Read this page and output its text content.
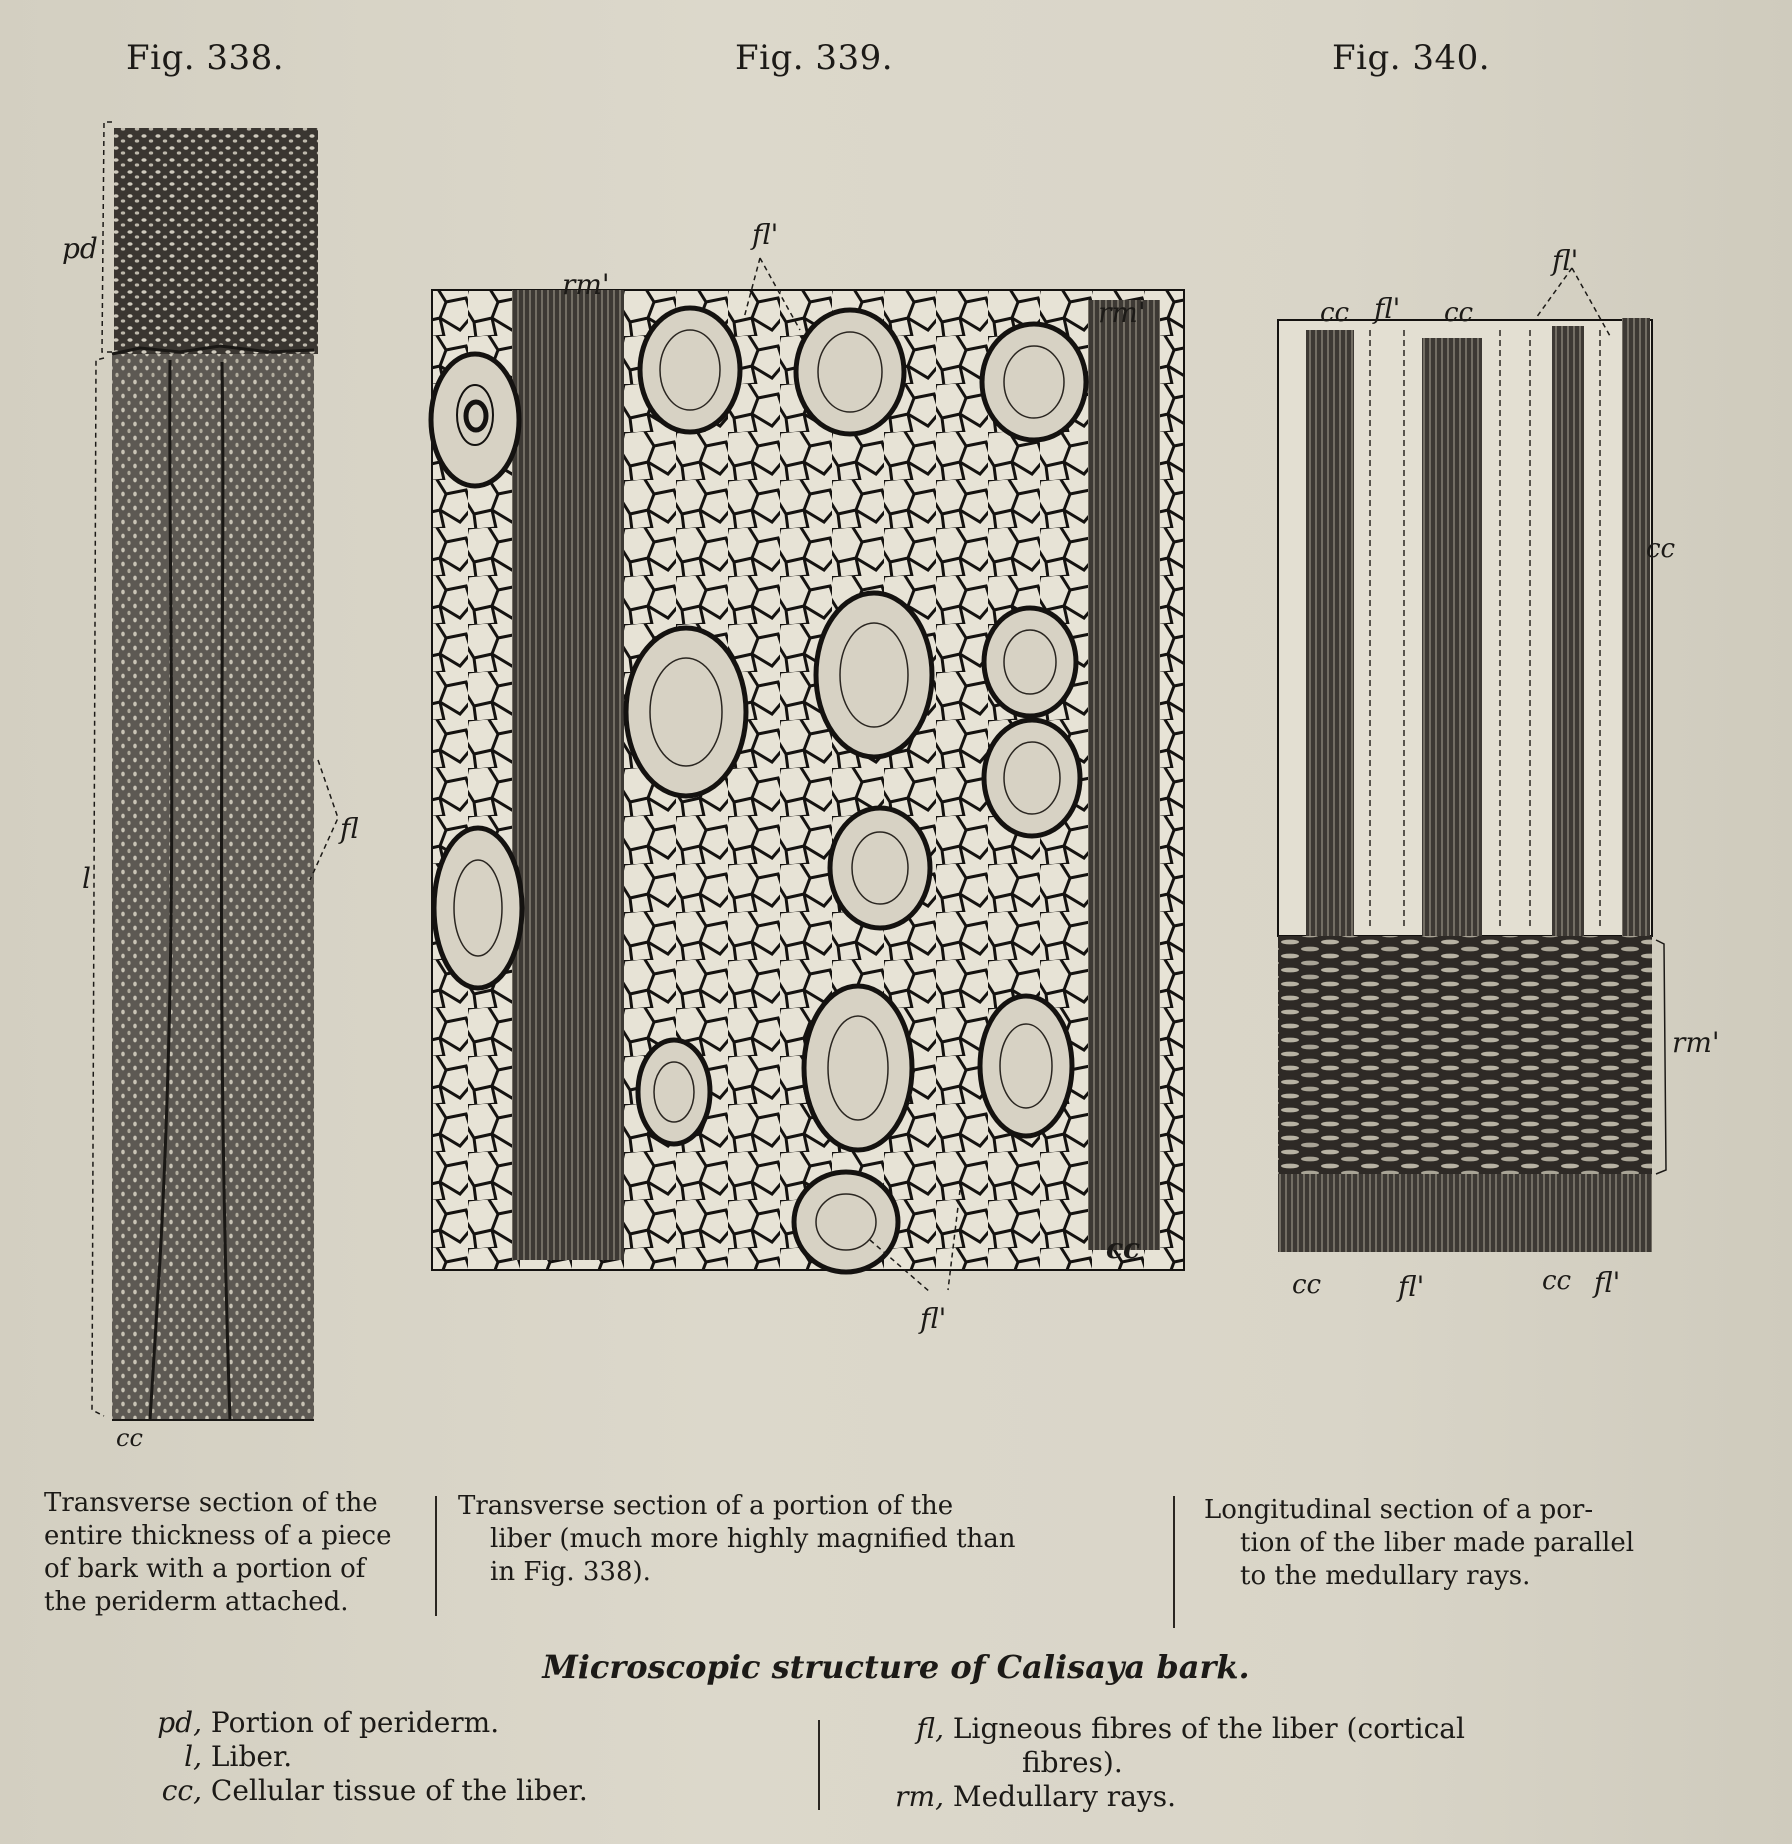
Fig. 338.	Fig. 339.	Fig. 340.
pd
l
fl
cc
fl'
rm'
rm'
cc
fl'
fl'
cc fl' cc
cc
rm'
cc	fl'	cc fl'
Transverse section of the
entire thickness of a piece
of bark with a portion of
the periderm attached.
Transverse section of a portion of the
liber (much more highly magnified than
in Fig. 338).
Longitudinal section of a por-
tion of the liber made parallel
to the medullary rays.
Microscopic structure of Calisaya bark.
pd, Portion of periderm.
l, Liber.
cc, Cellular tissue of the liber.
fl, Ligneous fibres of the liber (cortical
fibres).
rm, Medullary rays.
